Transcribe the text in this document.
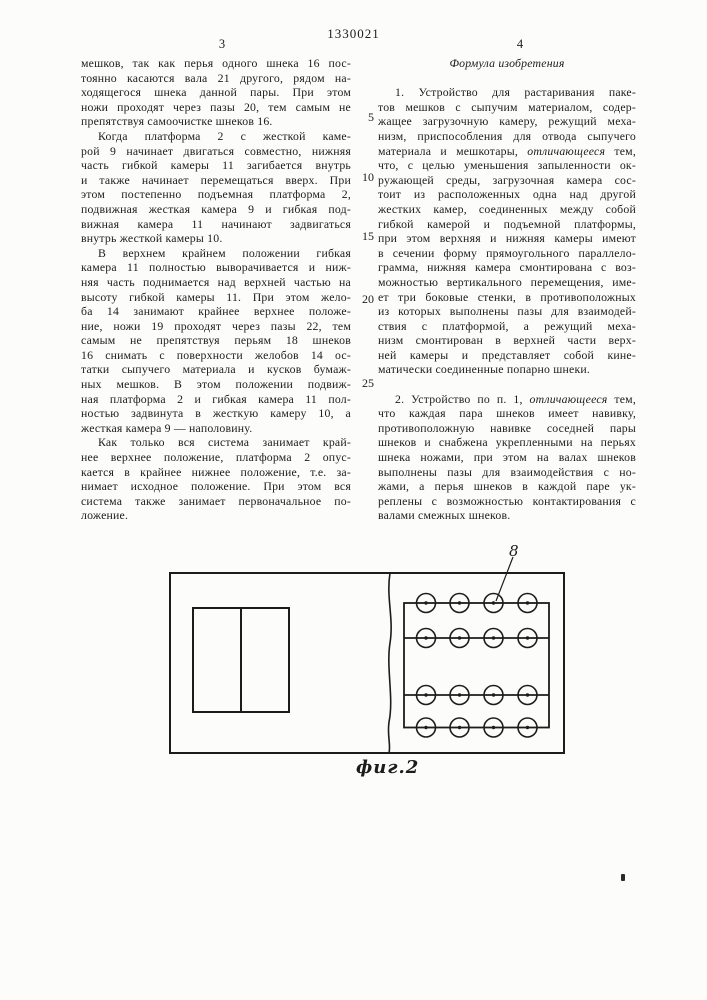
1330021
3	4
мешков, так как перья одного шнека 16 пос-
тоянно касаются вала 21 другого, рядом на-
ходящегося шнека данной пары. При этом
ножи проходят через пазы 20, тем самым не
препятствуя самоочистке шнеков 16.
Когда платформа 2 с жесткой каме-
рой 9 начинает двигаться совместно, нижняя
часть гибкой камеры 11 загибается внутрь
и также начинает перемещаться вверх. При
этом постепенно подъемная платформа 2,
подвижная жесткая камера 9 и гибкая под-
вижная камера 11 начинают задвигаться
внутрь жесткой камеры 10.
В верхнем крайнем положении гибкая
камера 11 полностью выворачивается и ниж-
няя часть поднимается над верхней частью на
высоту гибкой камеры 11. При этом жело-
ба 14 занимают крайнее верхнее положе-
ние, ножи 19 проходят через пазы 22, тем
самым не препятствуя перьям 18 шнеков
16 снимать с поверхности желобов 14 ос-
татки сыпучего материала и кусков бумаж-
ных мешков. В этом положении подвиж-
ная платформа 2 и гибкая камера 11 пол-
ностью задвинута в жесткую камеру 10, а
жесткая камера 9 — наполовину.
Как только вся система занимает край-
нее верхнее положение, платформа 2 опус-
кается в крайнее нижнее положение, т.е. за-
нимает исходное положение. При этом вся
система также занимает первоначальное по-
ложение.
Формула изобретения
1. Устройство для растаривания паке-
тов мешков с сыпучим материалом, содер-
жащее загрузочную камеру, режущий меха-
низм, приспособления для отвода сыпучего
материала и мешкотары, отличающееся тем,
что, с целью уменьшения запыленности ок-
ружающей среды, загрузочная камера сос-
тоит из расположенных одна над другой
жестких камер, соединенных между собой
гибкой камерой и подъемной платформы,
при этом верхняя и нижняя камеры имеют
в сечении форму прямоугольного параллело-
грамма, нижняя камера смонтирована с воз-
можностью вертикального перемещения, име-
ет три боковые стенки, в противоположных
из которых выполнены пазы для взаимодей-
ствия с платформой, а режущий меха-
низм смонтирован в верхней части верх-
ней камеры и представляет собой кине-
матически соединенные попарно шнеки.
2. Устройство по п. 1, отличающееся тем,
что каждая пара шнеков имеет навивку,
противоположную навивке соседней пары
шнеков и снабжена укрепленными на перьях
шнека ножами, при этом на валах шнеков
выполнены пазы для взаимодействия с но-
жами, а перья шнеков в каждой паре ук-
реплены с возможностью контактирования с
валами смежных шнеков.
5
10
15
20
25
8
фиг.2
